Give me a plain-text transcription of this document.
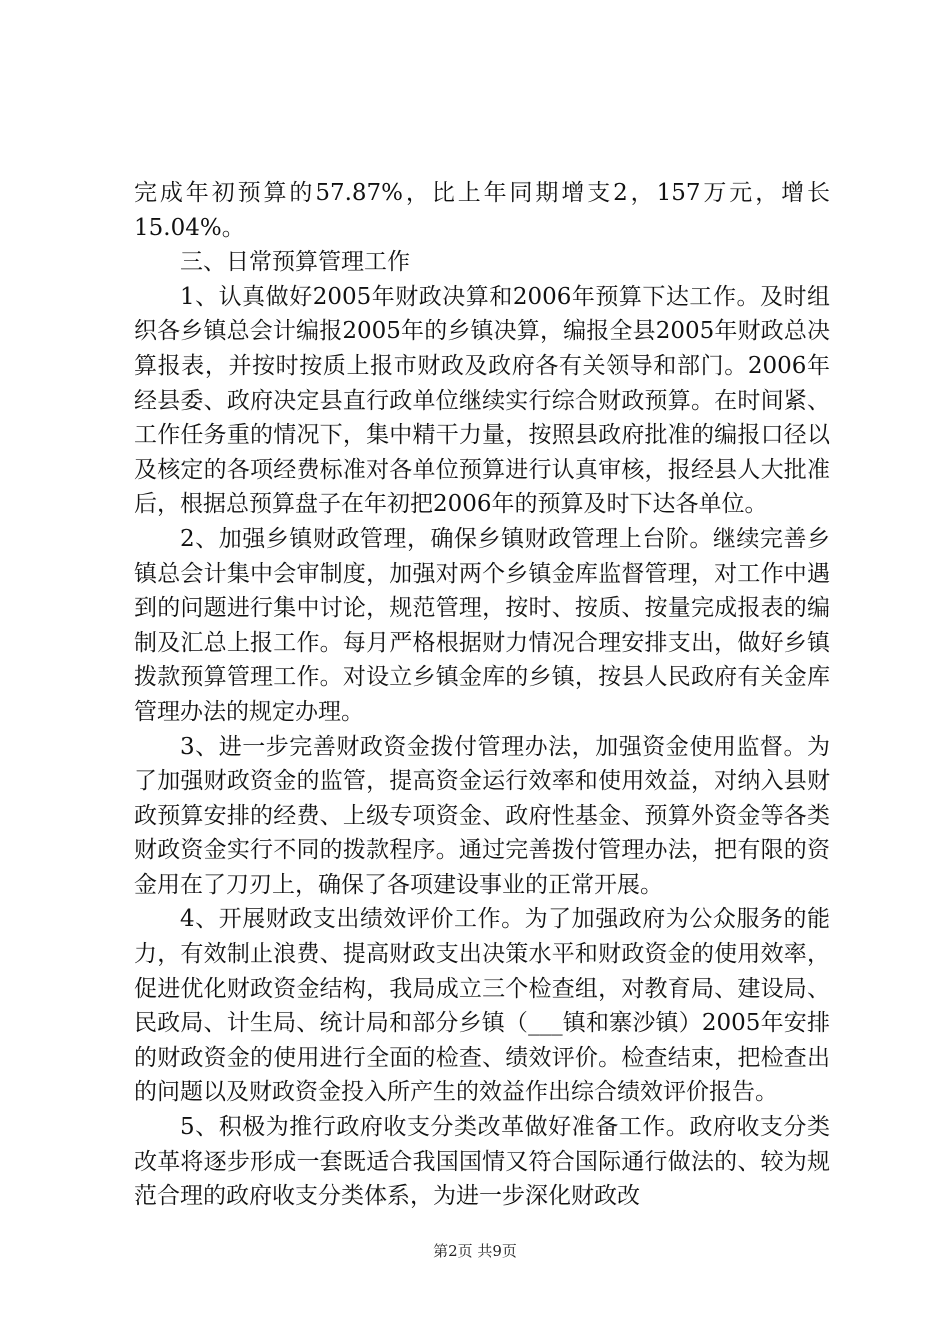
完成年初预算的57.87%，比上年同期增支2，157万元，增长15.04%。

三、日常预算管理工作

1、认真做好2005年财政决算和2006年预算下达工作。及时组织各乡镇总会计编报2005年的乡镇决算，编报全县2005年财政总决算报表，并按时按质上报市财政及政府各有关领导和部门。2006年经县委、政府决定县直行政单位继续实行综合财政预算。在时间紧、工作任务重的情况下，集中精干力量，按照县政府批准的编报口径以及核定的各项经费标准对各单位预算进行认真审核，报经县人大批准后，根据总预算盘子在年初把2006年的预算及时下达各单位。

2、加强乡镇财政管理，确保乡镇财政管理上台阶。继续完善乡镇总会计集中会审制度，加强对两个乡镇金库监督管理，对工作中遇到的问题进行集中讨论，规范管理，按时、按质、按量完成报表的编制及汇总上报工作。每月严格根据财力情况合理安排支出，做好乡镇拨款预算管理工作。对设立乡镇金库的乡镇，按县人民政府有关金库管理办法的规定办理。

3、进一步完善财政资金拨付管理办法，加强资金使用监督。为了加强财政资金的监管，提高资金运行效率和使用效益，对纳入县财政预算安排的经费、上级专项资金、政府性基金、预算外资金等各类财政资金实行不同的拨款程序。通过完善拨付管理办法，把有限的资金用在了刀刃上，确保了各项建设事业的正常开展。

4、开展财政支出绩效评价工作。为了加强政府为公众服务的能力，有效制止浪费、提高财政支出决策水平和财政资金的使用效率，促进优化财政资金结构，我局成立三个检查组，对教育局、建设局、民政局、计生局、统计局和部分乡镇（___镇和寨沙镇）2005年安排的财政资金的使用进行全面的检查、绩效评价。检查结束，把检查出的问题以及财政资金投入所产生的效益作出综合绩效评价报告。

5、积极为推行政府收支分类改革做好准备工作。政府收支分类改革将逐步形成一套既适合我国国情又符合国际通行做法的、较为规范合理的政府收支分类体系，为进一步深化财政改

第2页 共9页
